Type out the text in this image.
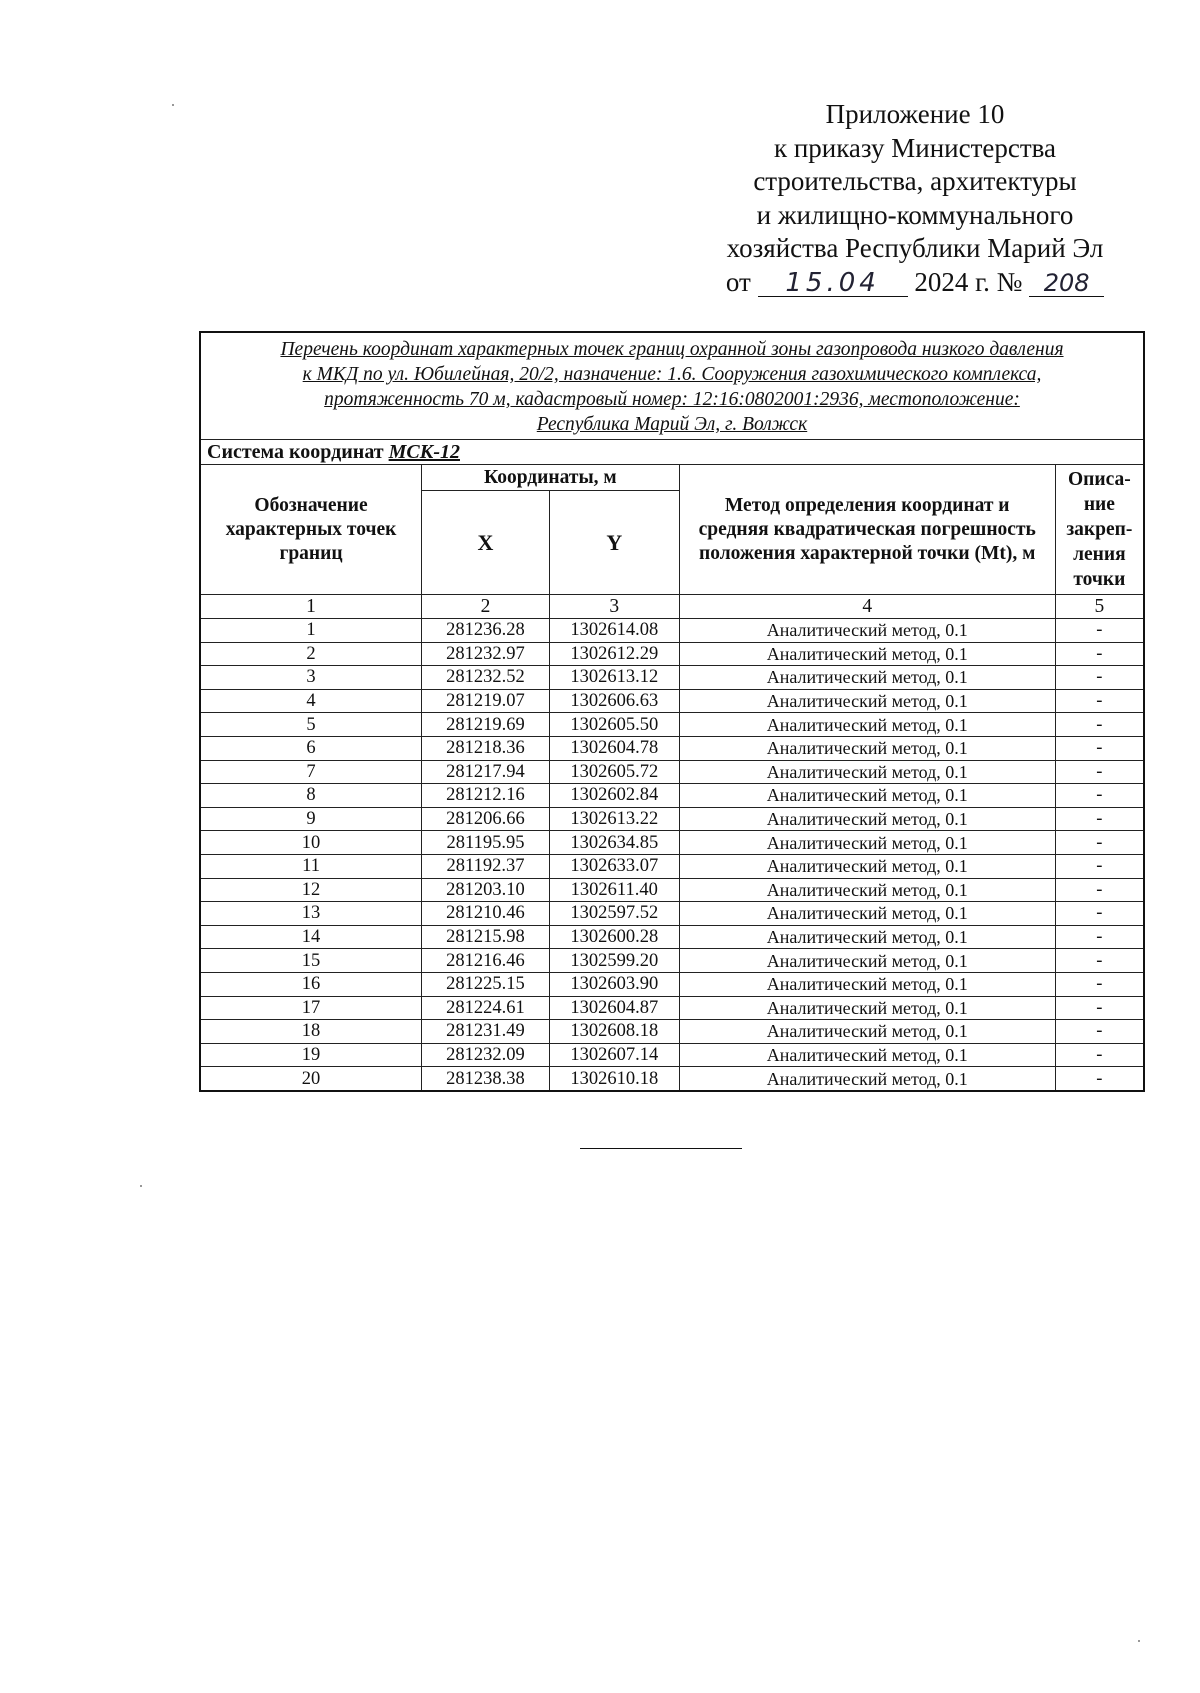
Приложение 10
к приказу Министерства
строительства, архитектуры
и жилищно-коммунального
хозяйства Республики Марий Эл
от 15.04 2024 г. № 208
Перечень координат характерных точек границ охранной зоны газопровода низкого давления
к МКД по ул. Юбилейная, 20/2, назначение: 1.6. Сооружения газохимического комплекса,
протяженность 70 м, кадастровый номер: 12:16:0802001:2936, местоположение:
Республика Марий Эл, г. Волжск				
Система координат МСК-12				
Обозначение характерных точек границ	Координаты, м		Метод определения координат и средняя квадратическая погрешность положения характерной точки (Mt), м	Описа-ние закреп-ления точки
	X	Y		
1	2	3	4	5
1	281236.28	1302614.08	Аналитический метод, 0.1	-
2	281232.97	1302612.29	Аналитический метод, 0.1	-
3	281232.52	1302613.12	Аналитический метод, 0.1	-
4	281219.07	1302606.63	Аналитический метод, 0.1	-
5	281219.69	1302605.50	Аналитический метод, 0.1	-
6	281218.36	1302604.78	Аналитический метод, 0.1	-
7	281217.94	1302605.72	Аналитический метод, 0.1	-
8	281212.16	1302602.84	Аналитический метод, 0.1	-
9	281206.66	1302613.22	Аналитический метод, 0.1	-
10	281195.95	1302634.85	Аналитический метод, 0.1	-
11	281192.37	1302633.07	Аналитический метод, 0.1	-
12	281203.10	1302611.40	Аналитический метод, 0.1	-
13	281210.46	1302597.52	Аналитический метод, 0.1	-
14	281215.98	1302600.28	Аналитический метод, 0.1	-
15	281216.46	1302599.20	Аналитический метод, 0.1	-
16	281225.15	1302603.90	Аналитический метод, 0.1	-
17	281224.61	1302604.87	Аналитический метод, 0.1	-
18	281231.49	1302608.18	Аналитический метод, 0.1	-
19	281232.09	1302607.14	Аналитический метод, 0.1	-
20	281238.38	1302610.18	Аналитический метод, 0.1	-
